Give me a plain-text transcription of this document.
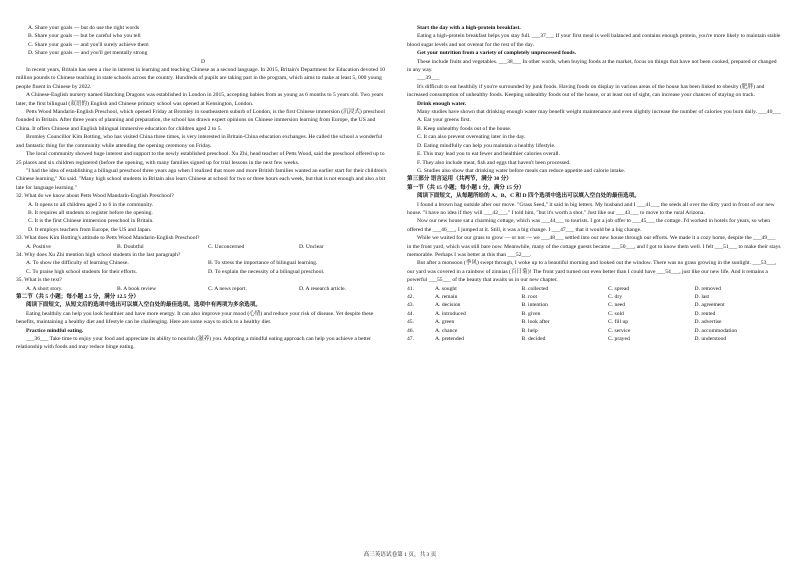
A. Share your goals — but do use the right words

B. Share your goals — but be careful who you tell

C. Share your goals — and you'll surely achieve them

D. Share your goals — and you'll get mentally strong

D

In recent years, Britain has seen a rise in interest in learning and teaching Chinese as a second language. In 2015, Britain's Department for Education devoted 10 million pounds to Chinese teaching in state schools across the country. Hundreds of pupils are taking part in the program, which aims to make at least 5, 000 young people fluent in Chinese by 2022.

A Chinese-English nursery named Hatching Dragons was established in London in 2015, accepting babies from as young as 6 months to 5 years old. Two years later, the first bilingual (双语的) English and Chinese primary school was opened at Kensington, London.

Petts Wood Mandarin-English Preschool, which opened Friday at Bromley in southeastern suburb of London, is the first Chinese immersion (沉浸式) preschool founded in Britain. After three years of planning and preparation, the school has drawn expert opinions on Chinese immersion learning from Europe, the US and China. It offers Chinese and English bilingual immersive education for children aged 2 to 5.

Bromley Councillor Kim Botting, who has visited China three times, is very interested in Britain-China education exchanges. He called the school a wonderful and fantastic thing for the community while attending the opening ceremony on Friday.

The local community showed huge interest and support to the newly established preschool. Xu Zhi, head teacher of Petts Wood, said the preschool offered up to 25 places and six children registered (before the opening, with many families signed up for trial lessons in the next few weeks.

"I had the idea of establishing a bilingual preschool three years ago when I realized that more and more British families wanted an earlier start for their children's Chinese learning," Xu said. "Many high school students in Britain also learn Chinese at school for two or three hours each week, but that is not enough and also a bit late for language learning."

32. What do we know about Petts Wood Mandarin-English Preschool?

A. It opens to all children aged 2 to 6 in the community.

B. It requires all students to register before the opening.

C. It is the first Chinese immersion preschool in Britain.

D. It employs teachers from Europe, the US and Japan.

33. What does Kim Botting's attitude to Petts Wood Mandarin-English Preschool?

A. Positive	B. Doubtful	C. Unconcerned	D. Unclear

34. Why does Xu Zhi mention high school students in the last paragraph?

A. To show the difficulty of learning Chinese.	B. To stress the importance of bilingual learning.
C. To praise high school students for their efforts.	D. To explain the necessity of a bilingual preschool.

35. What is the text?

A. A short story.	B. A book review	C. A news report.	D. A research article.

第二节（共 5 小题；每小题 2.5 分，满分 12.5 分）

阅读下面短文，从短文后的选项中选出可以填入空白处的最佳选项。选项中有两项为多余选项。

Eating healthily can help you look healthier and have more energy. It can also improve your mood (心情) and reduce your risk of disease. Yet despite these benefits, maintaining a healthy diet and lifestyle can be challenging. Here are some ways to stick to a healthy diet.

Practice mindful eating.

___36___ Take time to enjoy your food and appreciate its ability to nourish (滋养) you. Adopting a mindful eating approach can help you achieve a better relationship with foods and may reduce binge eating.

Start the day with a high-protein breakfast.

Eating a high-protein breakfast helps you stay full. ___37___ If your first meal is well balanced and contains enough protein, you're more likely to maintain stable blood sugar levels and not overeat for the rest of the day.

Get your nutrition from a variety of completely unprocessed foods.

These include fruits and vegetables. ___38___ In other words, when buying foods at the market, focus on things that have not been cooked, prepared or changed in any way.

___39___

It's difficult to eat healthily if you're surrounded by junk foods. Having foods on display in various areas of the house has been linked to obesity (肥胖) and increased consumption of unhealthy foods. Keeping unhealthy foods out of the house, or at least out of sight, can increase your chances of staying on track.

Drink enough water.

Many studies have shown that drinking enough water may benefit weight maintenance and even slightly increase the number of calories you burn daily. ___40___

A. Eat your greens first.

B. Keep unhealthy foods out of the house.

C. It can also prevent overeating later in the day.

D. Eating mindfully can help you maintain a healthy lifestyle.

E. This may lead you to eat fewer and healthier calories overall.

F. They also include meat, fish and eggs that haven't been processed.

G. Studies also show that drinking water before meals can reduce appetite and calorie intake.

第三部分 语言运用（共两节，满分 30 分）

第一节（共 15 小题；每小题 1 分，满分 15 分）

阅读下面短文，从每题所给的 A、B、C 和 D 四个选项中选出可以填入空白处的最佳选项。

I found a brown bag outside after our move. "Grass Seed," it said in big letters. My husband and I ___41___ the seeds all over the dirty yard in front of our new house. "I have no idea if they will ___42___," I told him, "but it's worth a shot." Just like our ___43___ to move to the rural Arizona.

Now our new house sat a charming cottage, which was ___44___ to tourists. I got a job offer to ___45___ the cottage. I'd worked in hotels for years, so when offered the ___46___, I jumped at it. Still, it was a big change. I ___47___ that it would be a big change.

While we waited for our grass to grow — or not — we ___48___ settled into our new house through our efforts. We made it a cozy home, despite the ___49___ in the front yard, which was still bare now. Meanwhile, many of the cottage guests became ___50___, and I got to know them well. I felt ___51___ to make their stays memorable. Perhaps I was better at this than ___52___.

But after a monsoon (季风) swept through, I woke up to a beautiful morning and looked out the window. There was no grass growing in the sunlight. ___53___, our yard was covered in a rainbow of zinnias (百日菊)! The front yard turned out even better than I could have ___54___, just like our new life. And it remains a powerful ___55___ of the beauty that awaits us in our new chapter.

41.	A. sought	B. collected	C. spread	D. removed
42.	A. remain	B. root	C. dry	D. last
43.	A. decision	B. intention	C. need	D. agreement
44.	A. introduced	B. given	C. sold	D. rented
45.	A. green	B. look after	C. fill up	D. advertise
46.	A. chance	B. help	C. service	D. accommodation
47.	A. pretended	B. decided	C. prayed	D. understood
高三英语试卷第 1 页，共 3 页
